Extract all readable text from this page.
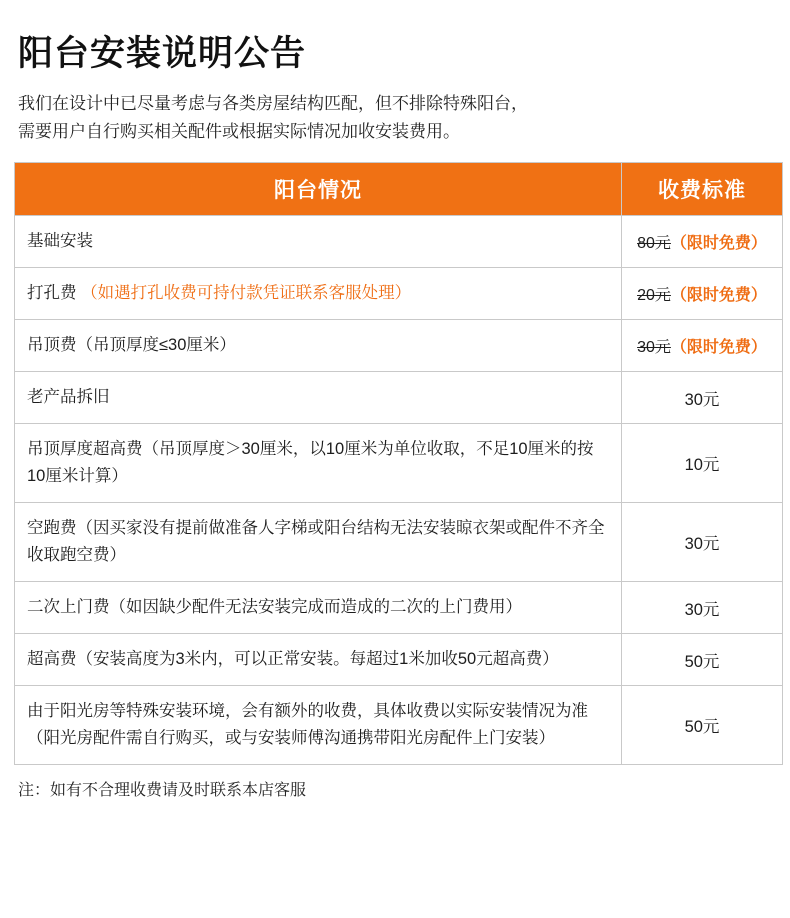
阳台安装说明公告
我们在设计中已尽量考虑与各类房屋结构匹配，但不排除特殊阳台，
需要用户自行购买相关配件或根据实际情况加收安装费用。
阳台情况	收费标准
基础安装	80元（限时免费）
打孔费 （如遇打孔收费可持付款凭证联系客服处理）	20元（限时免费）
吊顶费（吊顶厚度≤30厘米）	30元（限时免费）
老产品拆旧	30元
吊顶厚度超高费（吊顶厚度＞30厘米，以10厘米为单位收取，不足10厘米的按10厘米计算）	10元
空跑费（因买家没有提前做准备人字梯或阳台结构无法安装晾衣架或配件不齐全收取跑空费）	30元
二次上门费（如因缺少配件无法安装完成而造成的二次的上门费用）	30元
超高费（安装高度为3米内，可以正常安装。每超过1米加收50元超高费）	50元
由于阳光房等特殊安装环境，会有额外的收费，具体收费以实际安装情况为准（阳光房配件需自行购买，或与安装师傅沟通携带阳光房配件上门安装）	50元
注：如有不合理收费请及时联系本店客服
